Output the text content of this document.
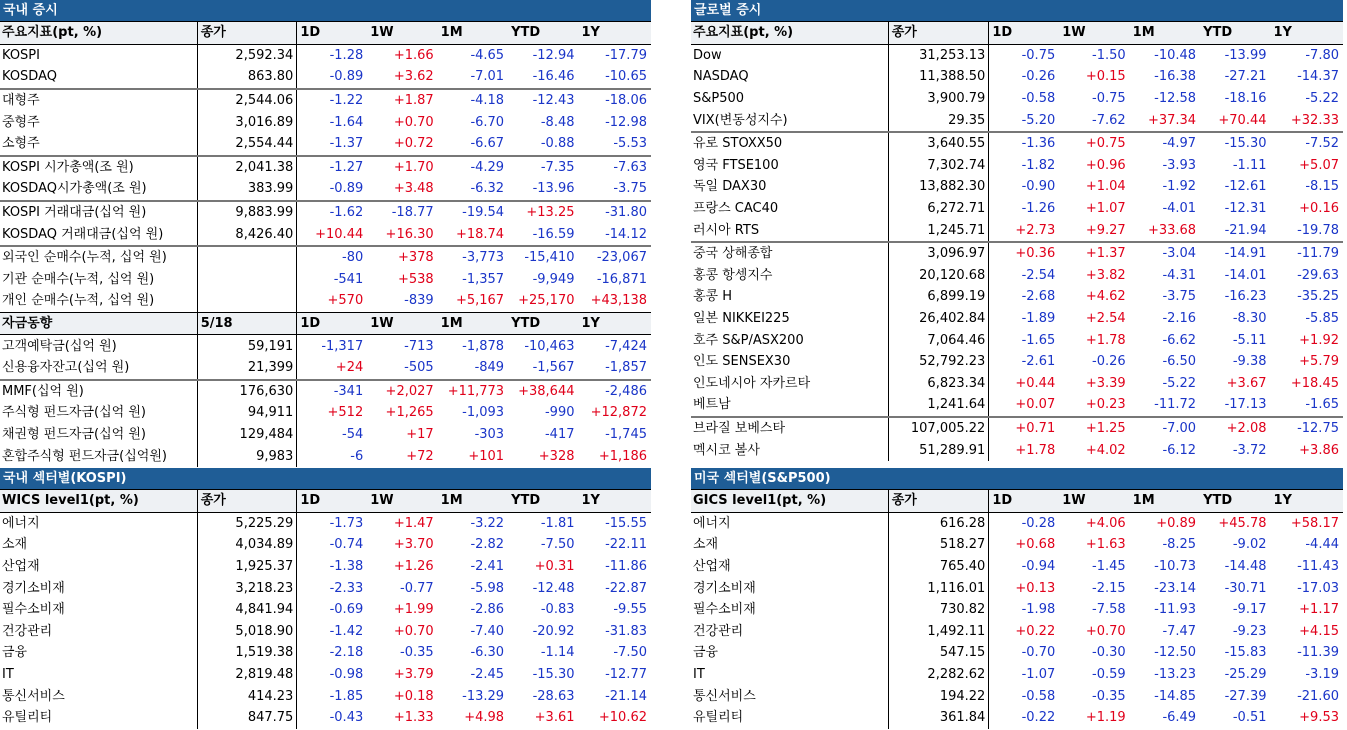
국내 증시
주요지표(pt, %)	종가	1D	1W	1M	YTD	1Y
KOSPI	2,592.34	-1.28	+1.66	-4.65	-12.94	-17.79
KOSDAQ	863.80	-0.89	+3.62	-7.01	-16.46	-10.65
대형주	2,544.06	-1.22	+1.87	-4.18	-12.43	-18.06
중형주	3,016.89	-1.64	+0.70	-6.70	-8.48	-12.98
소형주	2,554.44	-1.37	+0.72	-6.67	-0.88	-5.53
KOSPI 시가총액(조 원)	2,041.38	-1.27	+1.70	-4.29	-7.35	-7.63
KOSDAQ시가총액(조 원)	383.99	-0.89	+3.48	-6.32	-13.96	-3.75
KOSPI 거래대금(십억 원)	9,883.99	-1.62	-18.77	-19.54	+13.25	-31.80
KOSDAQ 거래대금(십억 원)	8,426.40	+10.44	+16.30	+18.74	-16.59	-14.12
외국인 순매수(누적, 십억 원)		-80	+378	-3,773	-15,410	-23,067
기관 순매수(누적, 십억 원)		-541	+538	-1,357	-9,949	-16,871
개인 순매수(누적, 십억 원)		+570	-839	+5,167	+25,170	+43,138
자금동향	5/18	1D	1W	1M	YTD	1Y
고객예탁금(십억 원)	59,191	-1,317	-713	-1,878	-10,463	-7,424
신용융자잔고(십억 원)	21,399	+24	-505	-849	-1,567	-1,857
MMF(십억 원)	176,630	-341	+2,027	+11,773	+38,644	-2,486
주식형 펀드자금(십억 원)	94,911	+512	+1,265	-1,093	-990	+12,872
채권형 펀드자금(십억 원)	129,484	-54	+17	-303	-417	-1,745
혼합주식형 펀드자금(십억원)	9,983	-6	+72	+101	+328	+1,186
글로벌 증시
주요지표(pt, %)	종가	1D	1W	1M	YTD	1Y
Dow	31,253.13	-0.75	-1.50	-10.48	-13.99	-7.80
NASDAQ	11,388.50	-0.26	+0.15	-16.38	-27.21	-14.37
S&P500	3,900.79	-0.58	-0.75	-12.58	-18.16	-5.22
VIX(변동성지수)	29.35	-5.20	-7.62	+37.34	+70.44	+32.33
유로 STOXX50	3,640.55	-1.36	+0.75	-4.97	-15.30	-7.52
영국 FTSE100	7,302.74	-1.82	+0.96	-3.93	-1.11	+5.07
독일 DAX30	13,882.30	-0.90	+1.04	-1.92	-12.61	-8.15
프랑스 CAC40	6,272.71	-1.26	+1.07	-4.01	-12.31	+0.16
러시아 RTS	1,245.71	+2.73	+9.27	+33.68	-21.94	-19.78
중국 상해종합	3,096.97	+0.36	+1.37	-3.04	-14.91	-11.79
홍콩 항셍지수	20,120.68	-2.54	+3.82	-4.31	-14.01	-29.63
홍콩 H	6,899.19	-2.68	+4.62	-3.75	-16.23	-35.25
일본 NIKKEI225	26,402.84	-1.89	+2.54	-2.16	-8.30	-5.85
호주 S&P/ASX200	7,064.46	-1.65	+1.78	-6.62	-5.11	+1.92
인도 SENSEX30	52,792.23	-2.61	-0.26	-6.50	-9.38	+5.79
인도네시아 자카르타	6,823.34	+0.44	+3.39	-5.22	+3.67	+18.45
베트남	1,241.64	+0.07	+0.23	-11.72	-17.13	-1.65
브라질 보베스타	107,005.22	+0.71	+1.25	-7.00	+2.08	-12.75
멕시코 볼사	51,289.91	+1.78	+4.02	-6.12	-3.72	+3.86
국내 섹터별(KOSPI)
WICS level1(pt, %)	종가	1D	1W	1M	YTD	1Y
에너지	5,225.29	-1.73	+1.47	-3.22	-1.81	-15.55
소재	4,034.89	-0.74	+3.70	-2.82	-7.50	-22.11
산업재	1,925.37	-1.38	+1.26	-2.41	+0.31	-11.86
경기소비재	3,218.23	-2.33	-0.77	-5.98	-12.48	-22.87
필수소비재	4,841.94	-0.69	+1.99	-2.86	-0.83	-9.55
건강관리	5,018.90	-1.42	+0.70	-7.40	-20.92	-31.83
금융	1,519.38	-2.18	-0.35	-6.30	-1.14	-7.50
IT	2,819.48	-0.98	+3.79	-2.45	-15.30	-12.77
통신서비스	414.23	-1.85	+0.18	-13.29	-28.63	-21.14
유틸리티	847.75	-0.43	+1.33	+4.98	+3.61	+10.62
미국 섹터별(S&P500)
GICS level1(pt, %)	종가	1D	1W	1M	YTD	1Y
에너지	616.28	-0.28	+4.06	+0.89	+45.78	+58.17
소재	518.27	+0.68	+1.63	-8.25	-9.02	-4.44
산업재	765.40	-0.94	-1.45	-10.73	-14.48	-11.43
경기소비재	1,116.01	+0.13	-2.15	-23.14	-30.71	-17.03
필수소비재	730.82	-1.98	-7.58	-11.93	-9.17	+1.17
건강관리	1,492.11	+0.22	+0.70	-7.47	-9.23	+4.15
금융	547.15	-0.70	-0.30	-12.50	-15.83	-11.39
IT	2,282.62	-1.07	-0.59	-13.23	-25.29	-3.19
통신서비스	194.22	-0.58	-0.35	-14.85	-27.39	-21.60
유틸리티	361.84	-0.22	+1.19	-6.49	-0.51	+9.53
